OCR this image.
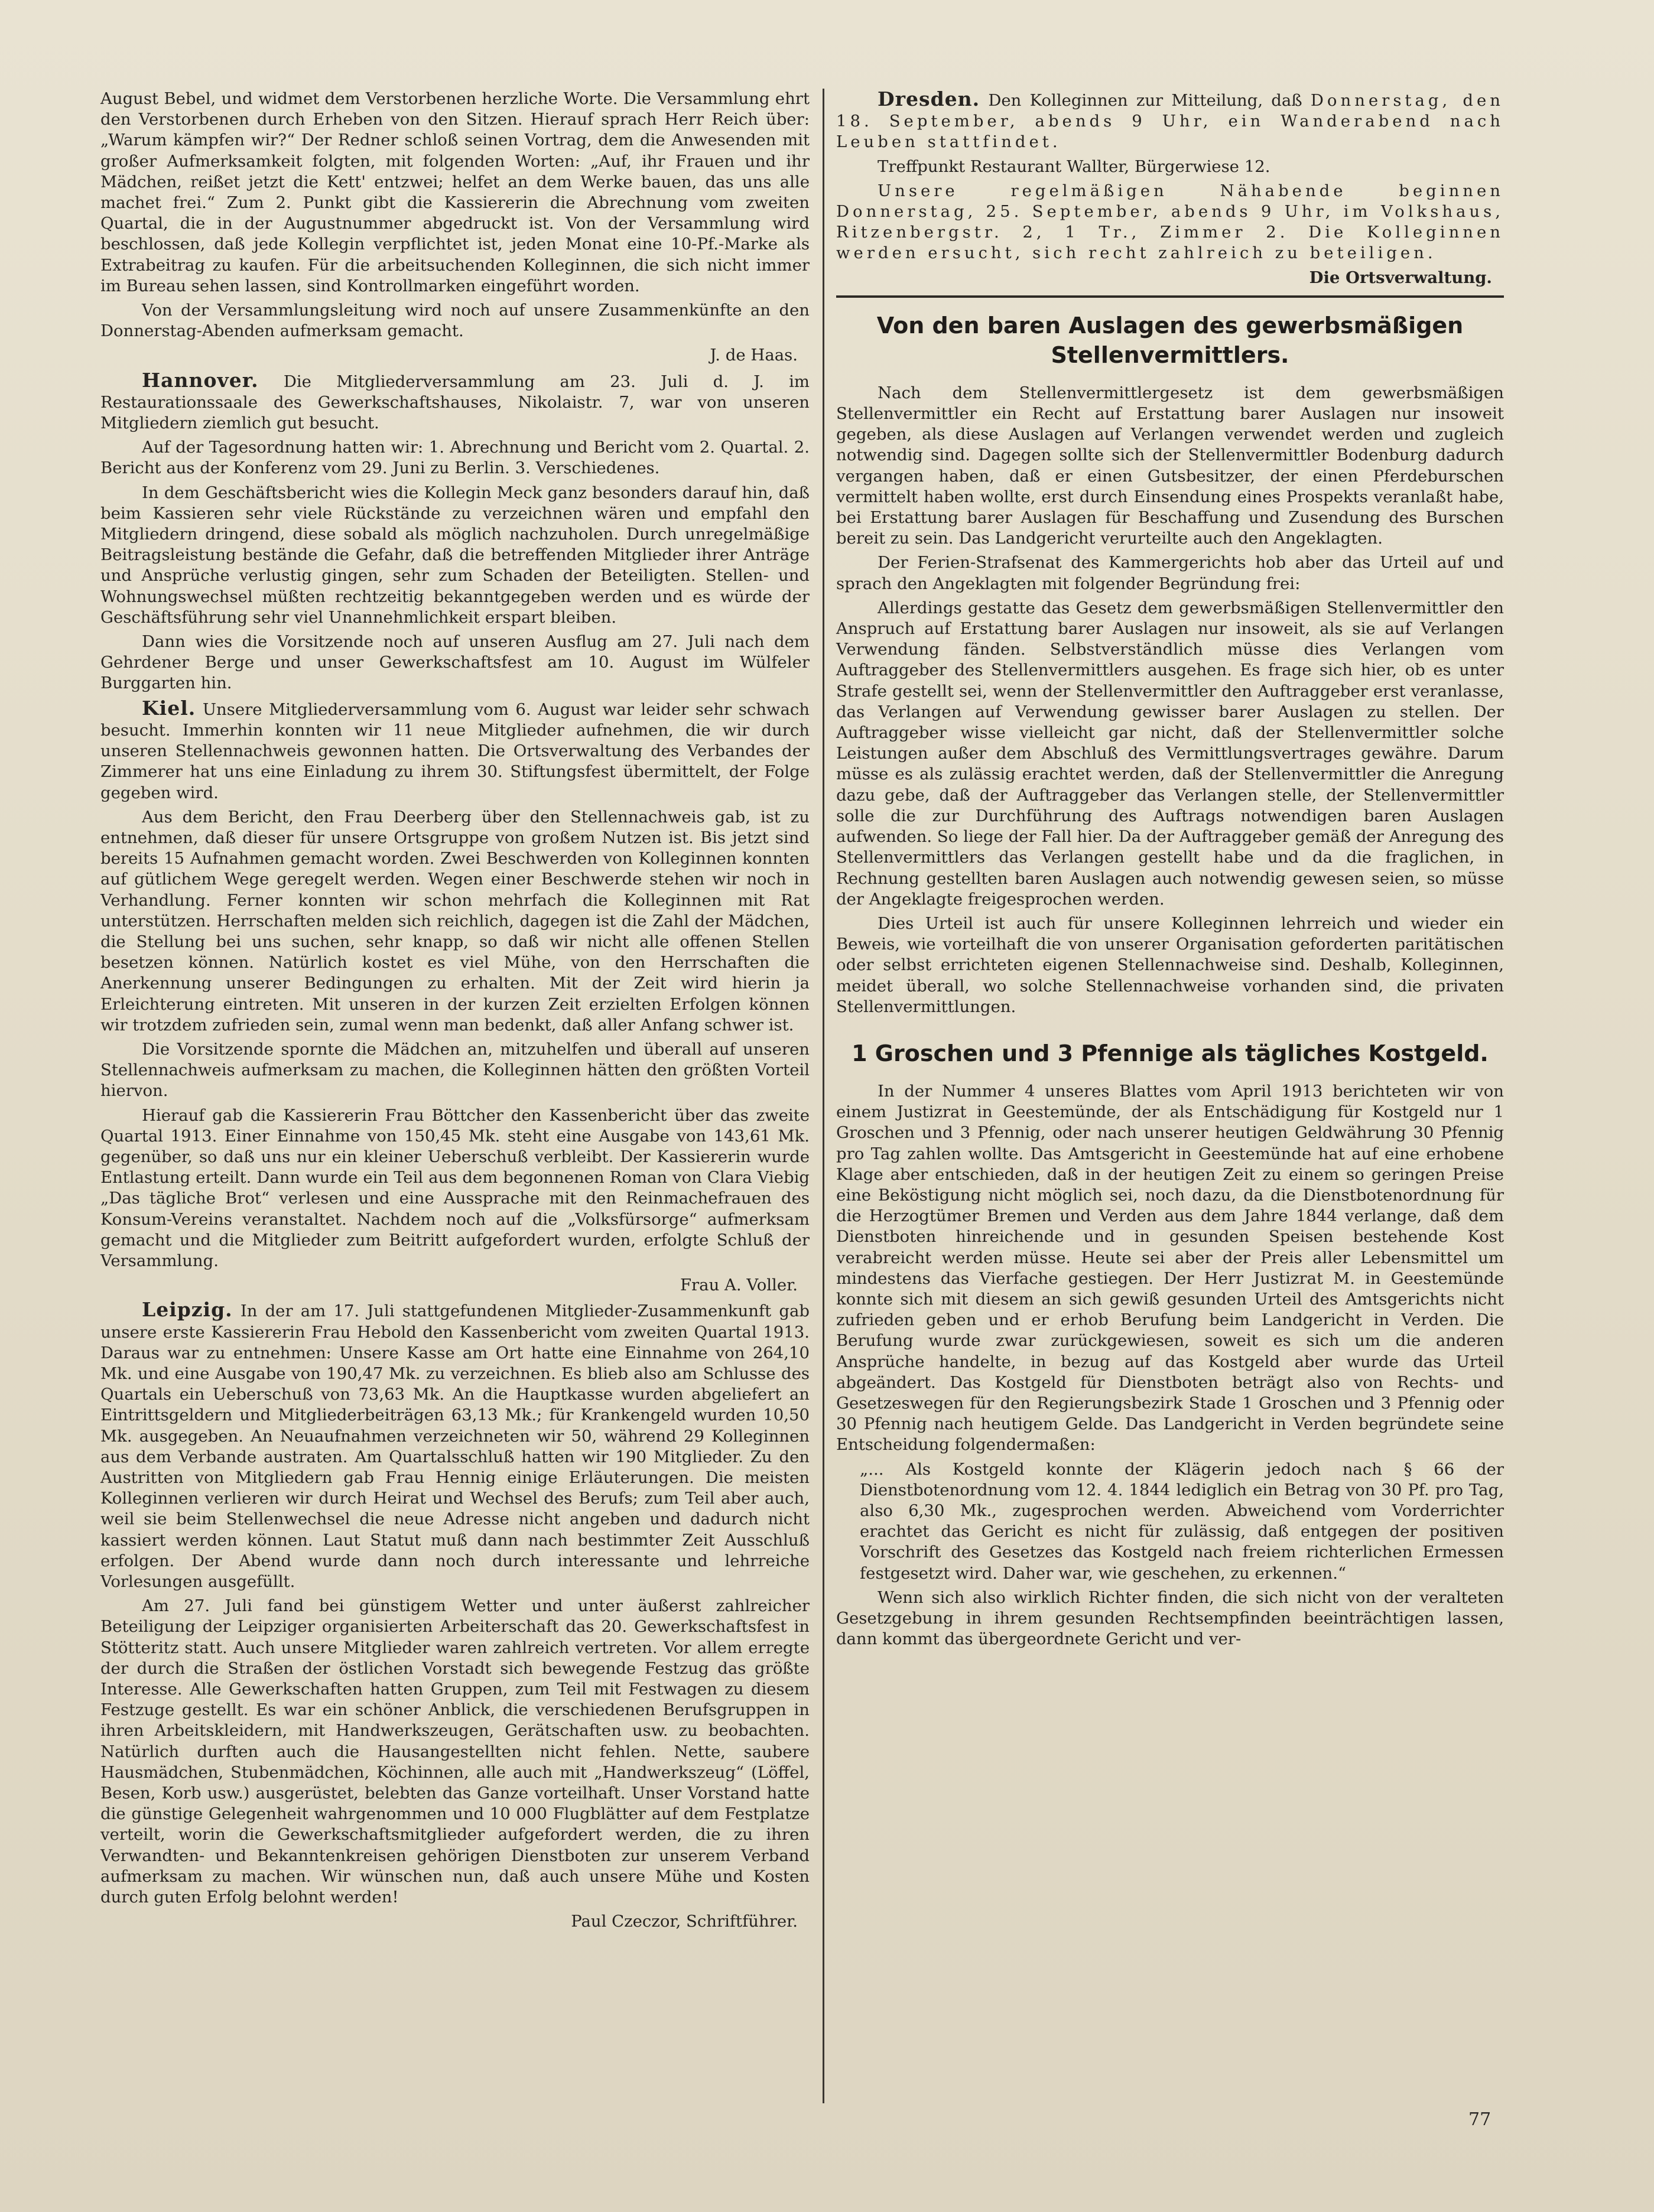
August Bebel, und widmet dem Verstorbenen herzliche Worte. Die Versammlung ehrt den Verstorbenen durch Erheben von den Sitzen. Hierauf sprach Herr Reich über: „Warum kämpfen wir?“ Der Redner schloß seinen Vortrag, dem die Anwesenden mit großer Aufmerksamkeit folgten, mit folgenden Worten: „Auf, ihr Frauen und ihr Mädchen, reißet jetzt die Kett' entzwei; helfet an dem Werke bauen, das uns alle machet frei.“ Zum 2. Punkt gibt die Kassiererin die Abrechnung vom zweiten Quartal, die in der Augustnummer abgedruckt ist. Von der Versammlung wird beschlossen, daß jede Kollegin verpflichtet ist, jeden Monat eine 10-Pf.-Marke als Extrabeitrag zu kaufen. Für die arbeitsuchenden Kolleginnen, die sich nicht immer im Bureau sehen lassen, sind Kontrollmarken eingeführt worden.

Von der Versammlungsleitung wird noch auf unsere Zusammenkünfte an den Donnerstag-Abenden aufmerksam gemacht.

J. de Haas.

Hannover. Die Mitgliederversammlung am 23. Juli d. J. im Restaurationssaale des Gewerkschaftshauses, Nikolaistr. 7, war von unseren Mitgliedern ziemlich gut besucht.

Auf der Tagesordnung hatten wir: 1. Abrechnung und Bericht vom 2. Quartal. 2. Bericht aus der Konferenz vom 29. Juni zu Berlin. 3. Verschiedenes.

In dem Geschäftsbericht wies die Kollegin Meck ganz besonders darauf hin, daß beim Kassieren sehr viele Rückstände zu verzeichnen wären und empfahl den Mitgliedern dringend, diese sobald als möglich nachzuholen. Durch unregelmäßige Beitragsleistung bestände die Gefahr, daß die betreffenden Mitglieder ihrer Anträge und Ansprüche verlustig gingen, sehr zum Schaden der Beteiligten. Stellen- und Wohnungswechsel müßten rechtzeitig bekanntgegeben werden und es würde der Geschäftsführung sehr viel Unannehmlichkeit erspart bleiben.

Dann wies die Vorsitzende noch auf unseren Ausflug am 27. Juli nach dem Gehrdener Berge und unser Gewerkschaftsfest am 10. August im Wülfeler Burggarten hin.

Kiel. Unsere Mitgliederversammlung vom 6. August war leider sehr schwach besucht. Immerhin konnten wir 11 neue Mitglieder aufnehmen, die wir durch unseren Stellennachweis gewonnen hatten. Die Ortsverwaltung des Verbandes der Zimmerer hat uns eine Einladung zu ihrem 30. Stiftungsfest übermittelt, der Folge gegeben wird.

Aus dem Bericht, den Frau Deerberg über den Stellennachweis gab, ist zu entnehmen, daß dieser für unsere Ortsgruppe von großem Nutzen ist. Bis jetzt sind bereits 15 Aufnahmen gemacht worden. Zwei Beschwerden von Kolleginnen konnten auf gütlichem Wege geregelt werden. Wegen einer Beschwerde stehen wir noch in Verhandlung. Ferner konnten wir schon mehrfach die Kolleginnen mit Rat unterstützen. Herrschaften melden sich reichlich, dagegen ist die Zahl der Mädchen, die Stellung bei uns suchen, sehr knapp, so daß wir nicht alle offenen Stellen besetzen können. Natürlich kostet es viel Mühe, von den Herrschaften die Anerkennung unserer Bedingungen zu erhalten. Mit der Zeit wird hierin ja Erleichterung eintreten. Mit unseren in der kurzen Zeit erzielten Erfolgen können wir trotzdem zufrieden sein, zumal wenn man bedenkt, daß aller Anfang schwer ist.

Die Vorsitzende spornte die Mädchen an, mitzuhelfen und überall auf unseren Stellennachweis aufmerksam zu machen, die Kolleginnen hätten den größten Vorteil hiervon.

Hierauf gab die Kassiererin Frau Böttcher den Kassenbericht über das zweite Quartal 1913. Einer Einnahme von 150,45 Mk. steht eine Ausgabe von 143,61 Mk. gegenüber, so daß uns nur ein kleiner Ueberschuß verbleibt. Der Kassiererin wurde Entlastung erteilt. Dann wurde ein Teil aus dem begonnenen Roman von Clara Viebig „Das tägliche Brot“ verlesen und eine Aussprache mit den Reinmachefrauen des Konsum-Vereins veranstaltet. Nachdem noch auf die „Volksfürsorge“ aufmerksam gemacht und die Mitglieder zum Beitritt aufgefordert wurden, erfolgte Schluß der Versammlung.

Frau A. Voller.

Leipzig. In der am 17. Juli stattgefundenen Mitglieder-Zusammenkunft gab unsere erste Kassiererin Frau Hebold den Kassenbericht vom zweiten Quartal 1913. Daraus war zu entnehmen: Unsere Kasse am Ort hatte eine Einnahme von 264,10 Mk. und eine Ausgabe von 190,47 Mk. zu verzeichnen. Es blieb also am Schlusse des Quartals ein Ueberschuß von 73,63 Mk. An die Hauptkasse wurden abgeliefert an Eintrittsgeldern und Mitgliederbeiträgen 63,13 Mk.; für Krankengeld wurden 10,50 Mk. ausgegeben. An Neuaufnahmen verzeichneten wir 50, während 29 Kolleginnen aus dem Verbande austraten. Am Quartalsschluß hatten wir 190 Mitglieder. Zu den Austritten von Mitgliedern gab Frau Hennig einige Erläuterungen. Die meisten Kolleginnen verlieren wir durch Heirat und Wechsel des Berufs; zum Teil aber auch, weil sie beim Stellenwechsel die neue Adresse nicht angeben und dadurch nicht kassiert werden können. Laut Statut muß dann nach bestimmter Zeit Ausschluß erfolgen. Der Abend wurde dann noch durch interessante und lehrreiche Vorlesungen ausgefüllt.

Am 27. Juli fand bei günstigem Wetter und unter äußerst zahlreicher Beteiligung der Leipziger organisierten Arbeiterschaft das 20. Gewerkschaftsfest in Stötteritz statt. Auch unsere Mitglieder waren zahlreich vertreten. Vor allem erregte der durch die Straßen der östlichen Vorstadt sich bewegende Festzug das größte Interesse. Alle Gewerkschaften hatten Gruppen, zum Teil mit Festwagen zu diesem Festzuge gestellt. Es war ein schöner Anblick, die verschiedenen Berufsgruppen in ihren Arbeitskleidern, mit Handwerkszeugen, Gerätschaften usw. zu beobachten. Natürlich durften auch die Hausangestellten nicht fehlen. Nette, saubere Hausmädchen, Stubenmädchen, Köchinnen, alle auch mit „Handwerkszeug“ (Löffel, Besen, Korb usw.) ausgerüstet, belebten das Ganze vorteilhaft. Unser Vorstand hatte die günstige Gelegenheit wahrgenommen und 10 000 Flugblätter auf dem Festplatze verteilt, worin die Gewerkschaftsmitglieder aufgefordert werden, die zu ihren Verwandten- und Bekanntenkreisen gehörigen Dienstboten zur unserem Verband aufmerksam zu machen. Wir wünschen nun, daß auch unsere Mühe und Kosten durch guten Erfolg belohnt werden!

Paul Czeczor, Schriftführer.

Dresden. Den Kolleginnen zur Mitteilung, daß Donnerstag, den 18. September, abends 9 Uhr, ein Wanderabend nach Leuben stattfindet.

Treffpunkt Restaurant Wallter, Bürgerwiese 12.

Unsere regelmäßigen Nähabende beginnen Donnerstag, 25. September, abends 9 Uhr, im Volkshaus, Ritzenbergstr. 2, 1 Tr., Zimmer 2. Die Kolleginnen werden ersucht, sich recht zahlreich zu beteiligen.

Die Ortsverwaltung.

Von den baren Auslagen des gewerbsmäßigen Stellenvermittlers.

Nach dem Stellenvermittlergesetz ist dem gewerbsmäßigen Stellenvermittler ein Recht auf Erstattung barer Auslagen nur insoweit gegeben, als diese Auslagen auf Verlangen verwendet werden und zugleich notwendig sind. Dagegen sollte sich der Stellenvermittler Bodenburg dadurch vergangen haben, daß er einen Gutsbesitzer, der einen Pferdeburschen vermittelt haben wollte, erst durch Einsendung eines Prospekts veranlaßt habe, bei Erstattung barer Auslagen für Beschaffung und Zusendung des Burschen bereit zu sein. Das Landgericht verurteilte auch den Angeklagten.

Der Ferien-Strafsenat des Kammergerichts hob aber das Urteil auf und sprach den Angeklagten mit folgender Begründung frei:

Allerdings gestatte das Gesetz dem gewerbsmäßigen Stellenvermittler den Anspruch auf Erstattung barer Auslagen nur insoweit, als sie auf Verlangen Verwendung fänden. Selbstverständlich müsse dies Verlangen vom Auftraggeber des Stellenvermittlers ausgehen. Es frage sich hier, ob es unter Strafe gestellt sei, wenn der Stellenvermittler den Auftraggeber erst veranlasse, das Verlangen auf Verwendung gewisser barer Auslagen zu stellen. Der Auftraggeber wisse vielleicht gar nicht, daß der Stellenvermittler solche Leistungen außer dem Abschluß des Vermittlungsvertrages gewähre. Darum müsse es als zulässig erachtet werden, daß der Stellenvermittler die Anregung dazu gebe, daß der Auftraggeber das Verlangen stelle, der Stellenvermittler solle die zur Durchführung des Auftrags notwendigen baren Auslagen aufwenden. So liege der Fall hier. Da der Auftraggeber gemäß der Anregung des Stellenvermittlers das Verlangen gestellt habe und da die fraglichen, in Rechnung gestellten baren Auslagen auch notwendig gewesen seien, so müsse der Angeklagte freigesprochen werden.

Dies Urteil ist auch für unsere Kolleginnen lehrreich und wieder ein Beweis, wie vorteilhaft die von unserer Organisation geforderten paritätischen oder selbst errichteten eigenen Stellennachweise sind. Deshalb, Kolleginnen, meidet überall, wo solche Stellennachweise vorhanden sind, die privaten Stellenvermittlungen.

1 Groschen und 3 Pfennige als tägliches Kostgeld.

In der Nummer 4 unseres Blattes vom April 1913 berichteten wir von einem Justizrat in Geestemünde, der als Entschädigung für Kostgeld nur 1 Groschen und 3 Pfennig, oder nach unserer heutigen Geldwährung 30 Pfennig pro Tag zahlen wollte. Das Amtsgericht in Geestemünde hat auf eine erhobene Klage aber entschieden, daß in der heutigen Zeit zu einem so geringen Preise eine Beköstigung nicht möglich sei, noch dazu, da die Dienstbotenordnung für die Herzogtümer Bremen und Verden aus dem Jahre 1844 verlange, daß dem Dienstboten hinreichende und in gesunden Speisen bestehende Kost verabreicht werden müsse. Heute sei aber der Preis aller Lebensmittel um mindestens das Vierfache gestiegen. Der Herr Justizrat M. in Geestemünde konnte sich mit diesem an sich gewiß gesunden Urteil des Amtsgerichts nicht zufrieden geben und er erhob Berufung beim Landgericht in Verden. Die Berufung wurde zwar zurückgewiesen, soweit es sich um die anderen Ansprüche handelte, in bezug auf das Kostgeld aber wurde das Urteil abgeändert. Das Kostgeld für Dienstboten beträgt also von Rechts- und Gesetzeswegen für den Regierungsbezirk Stade 1 Groschen und 3 Pfennig oder 30 Pfennig nach heutigem Gelde. Das Landgericht in Verden begründete seine Entscheidung folgendermaßen:

„... Als Kostgeld konnte der Klägerin jedoch nach § 66 der Dienstbotenordnung vom 12. 4. 1844 lediglich ein Betrag von 30 Pf. pro Tag, also 6,30 Mk., zugesprochen werden. Abweichend vom Vorderrichter erachtet das Gericht es nicht für zulässig, daß entgegen der positiven Vorschrift des Gesetzes das Kostgeld nach freiem richterlichen Ermessen festgesetzt wird. Daher war, wie geschehen, zu erkennen.“

Wenn sich also wirklich Richter finden, die sich nicht von der veralteten Gesetzgebung in ihrem gesunden Rechtsempfinden beeinträchtigen lassen, dann kommt das übergeordnete Gericht und ver-

77
